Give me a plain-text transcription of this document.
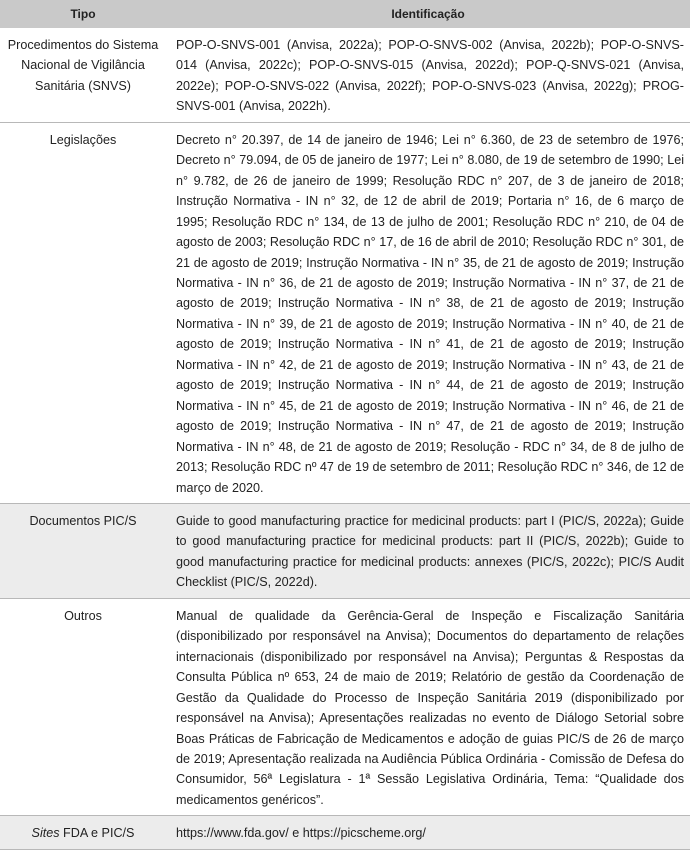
Tipo	Identificação
Procedimentos do Sistema Nacional de Vigilância Sanitária (SNVS)	POP-O-SNVS-001 (Anvisa, 2022a); POP-O-SNVS-002 (Anvisa, 2022b); POP-O-SNVS-014 (Anvisa, 2022c); POP-O-SNVS-015 (Anvisa, 2022d); POP-Q-SNVS-021 (Anvisa, 2022e); POP-O-SNVS-022 (Anvisa, 2022f); POP-O-SNVS-023 (Anvisa, 2022g); PROG-SNVS-001 (Anvisa, 2022h).
Legislações	Decreto n° 20.397, de 14 de janeiro de 1946; Lei n° 6.360, de 23 de setembro de 1976; Decreto n° 79.094, de 05 de janeiro de 1977; Lei n° 8.080, de 19 de setembro de 1990; Lei n° 9.782, de 26 de janeiro de 1999; Resolução RDC n° 207, de 3 de janeiro de 2018; Instrução Normativa - IN n° 32, de 12 de abril de 2019; Portaria n° 16, de 6 março de 1995; Resolução RDC n° 134, de 13 de julho de 2001; Resolução RDC n° 210, de 04 de agosto de 2003; Resolução RDC n° 17, de 16 de abril de 2010; Resolução RDC n° 301, de 21 de agosto de 2019; Instrução Normativa - IN n° 35, de 21 de agosto de 2019; Instrução Normativa - IN n° 36, de 21 de agosto de 2019; Instrução Normativa - IN n° 37, de 21 de agosto de 2019; Instrução Normativa - IN n° 38, de 21 de agosto de 2019; Instrução Normativa - IN n° 39, de 21 de agosto de 2019; Instrução Normativa - IN n° 40, de 21 de agosto de 2019; Instrução Normativa - IN n° 41, de 21 de agosto de 2019; Instrução Normativa - IN n° 42, de 21 de agosto de 2019; Instrução Normativa - IN n° 43, de 21 de agosto de 2019; Instrução Normativa - IN n° 44, de 21 de agosto de 2019; Instrução Normativa - IN n° 45, de 21 de agosto de 2019; Instrução Normativa - IN n° 46, de 21 de agosto de 2019; Instrução Normativa - IN n° 47, de 21 de agosto de 2019; Instrução Normativa - IN n° 48, de 21 de agosto de 2019; Resolução - RDC n° 34, de 8 de julho de 2013; Resolução RDC nº 47 de 19 de setembro de 2011; Resolução RDC n° 346, de 12 de março de 2020.
Documentos PIC/S	Guide to good manufacturing practice for medicinal products: part I (PIC/S, 2022a); Guide to good manufacturing practice for medicinal products: part II (PIC/S, 2022b); Guide to good manufacturing practice for medicinal products: annexes (PIC/S, 2022c); PIC/S Audit Checklist (PIC/S, 2022d).
Outros	Manual de qualidade da Gerência-Geral de Inspeção e Fiscalização Sanitária (disponibilizado por responsável na Anvisa); Documentos do departamento de relações internacionais (disponibilizado por responsável na Anvisa); Perguntas & Respostas da Consulta Pública nº 653, 24 de maio de 2019; Relatório de gestão da Coordenação de Gestão da Qualidade do Processo de Inspeção Sanitária 2019 (disponibilizado por responsável na Anvisa); Apresentações realizadas no evento de Diálogo Setorial sobre Boas Práticas de Fabricação de Medicamentos e adoção de guias PIC/S de 26 de março de 2019; Apresentação realizada na Audiência Pública Ordinária - Comissão de Defesa do Consumidor, 56ª Legislatura - 1ª Sessão Legislativa Ordinária, Tema: “Qualidade dos medicamentos genéricos”.
Sites FDA e PIC/S	https://www.fda.gov/ e https://picscheme.org/
